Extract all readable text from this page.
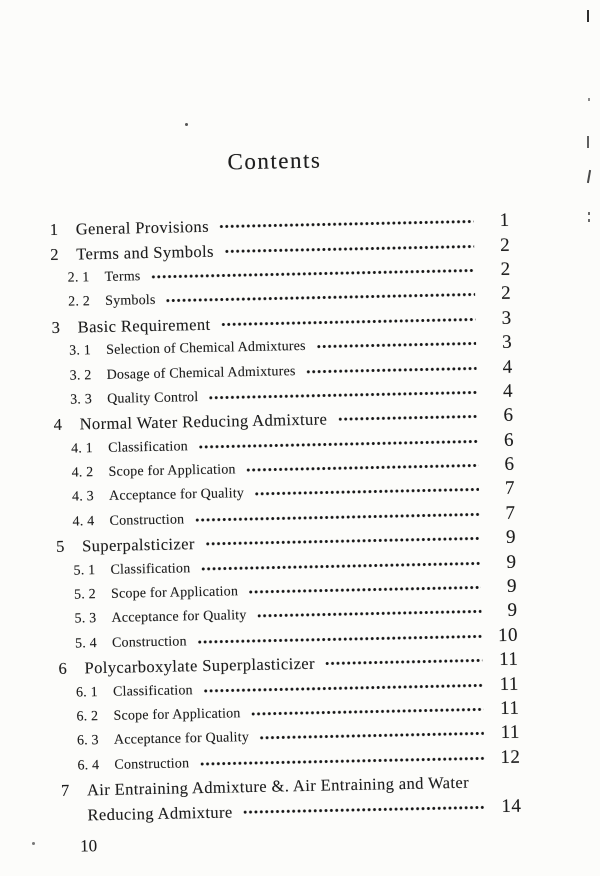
Contents
1	General Provisions	1
2	Terms and Symbols	2
2. 1	Terms	2
2. 2	Symbols	2
3	Basic Requirement	3
3. 1	Selection of Chemical Admixtures	3
3. 2	Dosage of Chemical Admixtures	4
3. 3	Quality Control	4
4	Normal Water Reducing Admixture	6
4. 1	Classification	6
4. 2	Scope for Application	6
4. 3	Acceptance for Quality	7
4. 4	Construction	7
5	Superpalsticizer	9
5. 1	Classification	9
5. 2	Scope for Application	9
5. 3	Acceptance for Quality	9
5. 4	Construction	10
6	Polycarboxylate Superplasticizer	11
6. 1	Classification	11
6. 2	Scope for Application	11
6. 3	Acceptance for Quality	11
6. 4	Construction	12
7	Air Entraining Admixture &. Air Entraining and Water
Reducing Admixture	14
10
